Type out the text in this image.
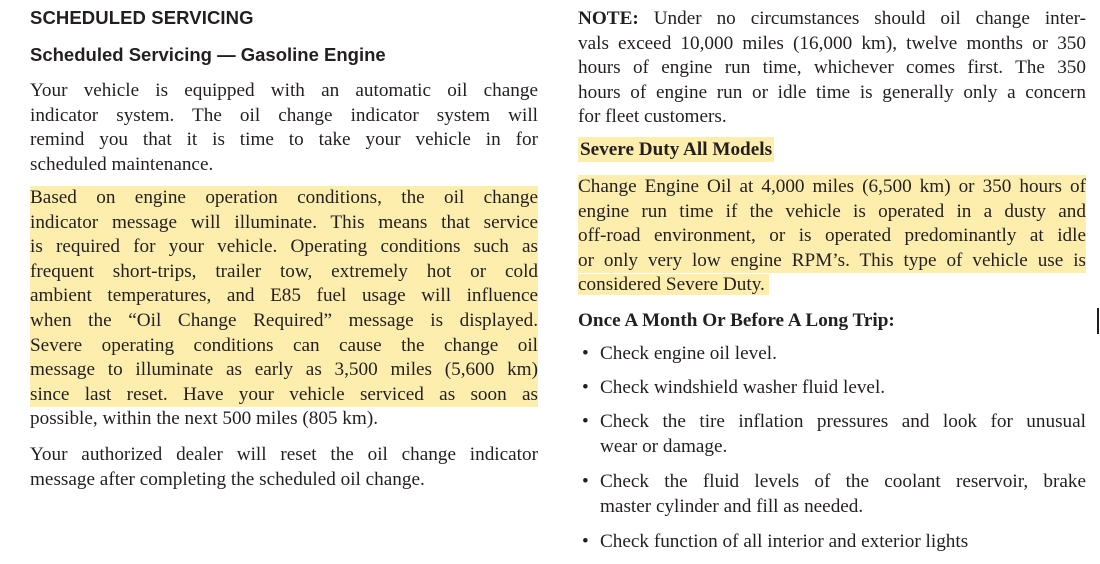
SCHEDULED SERVICING
Scheduled Servicing — Gasoline Engine
Your vehicle is equipped with an automatic oil change
indicator system. The oil change indicator system will
remind you that it is time to take your vehicle in for
scheduled maintenance.
Based on engine operation conditions, the oil change
indicator message will illuminate. This means that service
is required for your vehicle. Operating conditions such as
frequent short-trips, trailer tow, extremely hot or cold
ambient temperatures, and E85 fuel usage will influence
when the “Oil Change Required” message is displayed.
Severe operating conditions can cause the change oil
message to illuminate as early as 3,500 miles (5,600 km)
since last reset. Have your vehicle serviced as soon as
possible, within the next 500 miles (805 km).
Your authorized dealer will reset the oil change indicator
message after completing the scheduled oil change.
NOTE: Under no circumstances should oil change inter-
vals exceed 10,000 miles (16,000 km), twelve months or 350
hours of engine run time, whichever comes first. The 350
hours of engine run or idle time is generally only a concern
for fleet customers.
Severe Duty All Models
Change Engine Oil at 4,000 miles (6,500 km) or 350 hours of
engine run time if the vehicle is operated in a dusty and
off-road environment, or is operated predominantly at idle
or only very low engine RPM’s. This type of vehicle use is
considered Severe Duty.
Once A Month Or Before A Long Trip:
• Check engine oil level.
• Check windshield washer fluid level.
• Check the tire inflation pressures and look for unusual
wear or damage.
• Check the fluid levels of the coolant reservoir, brake
master cylinder and fill as needed.
• Check function of all interior and exterior lights
